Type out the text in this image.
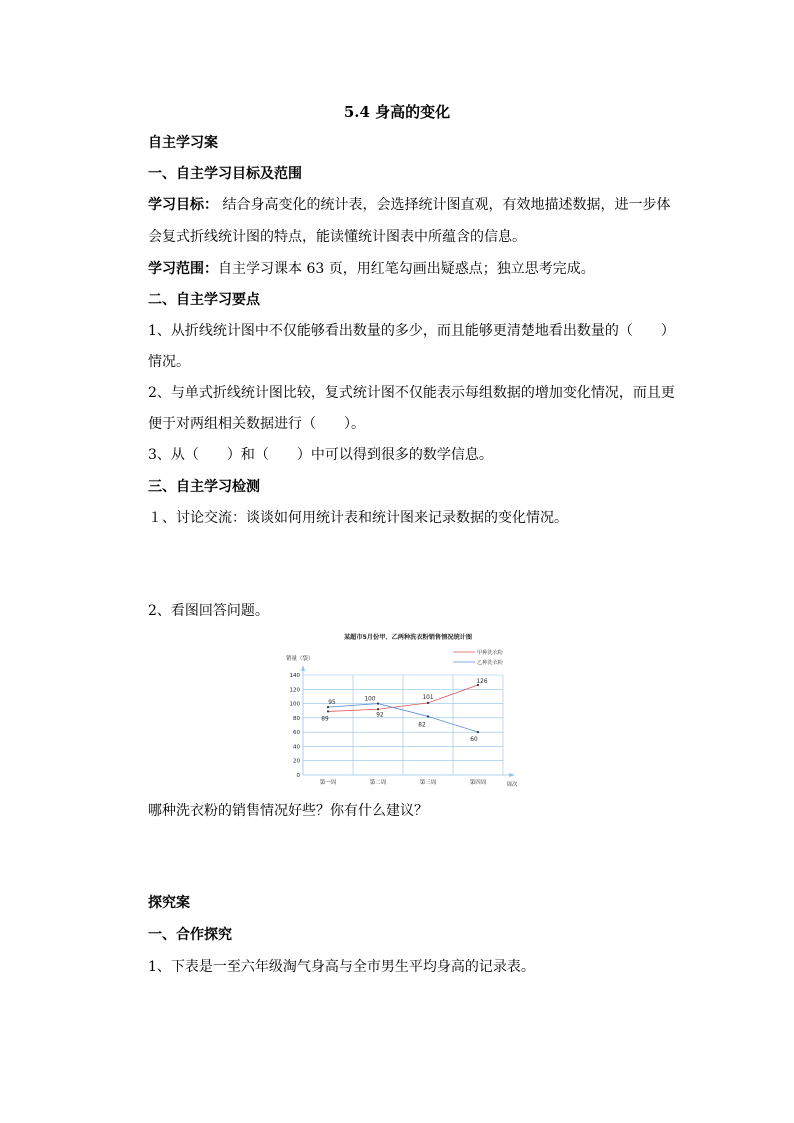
5.4 身高的变化
自主学习案
一、自主学习目标及范围
学习目标： 结合身高变化的统计表，会选择统计图直观，有效地描述数据，进一步体
会复式折线统计图的特点，能读懂统计图表中所蕴含的信息。
学习范围：自主学习课本 63 页，用红笔勾画出疑惑点；独立思考完成。
二、自主学习要点
1、从折线统计图中不仅能够看出数量的多少，而且能够更清楚地看出数量的（　　）
情况。
2、与单式折线统计图比较，复式统计图不仅能表示每组数据的增加变化情况，而且更
便于对两组相关数据进行（　　）。
3、从（　　）和（　　）中可以得到很多的数学信息。
三、自主学习检测
１、讨论交流：谈谈如何用统计表和统计图来记录数据的变化情况。
2、看图回答问题。
某超市5月份甲、乙两种洗衣粉销售情况统计图
销量（袋）
周次
0
20
40
60
80
100
120
140
第一周	第二周	第三周	第四周
89
92
101
126
95
100
82
60
甲种洗衣粉
乙种洗衣粉
哪种洗衣粉的销售情况好些？你有什么建议？
探究案
一、合作探究
1、下表是一至六年级淘气身高与全市男生平均身高的记录表。
